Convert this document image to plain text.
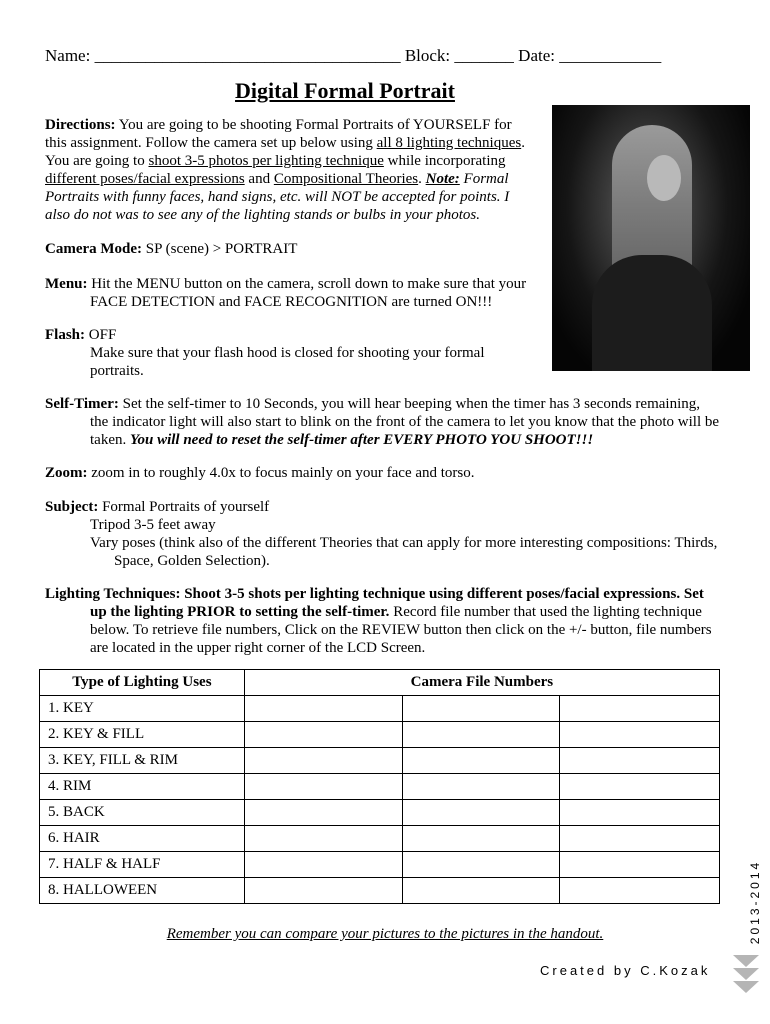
Name: ____________________________________ Block: _______ Date: ____________
Digital Formal Portrait
Directions: You are going to be shooting Formal Portraits of YOURSELF for
this assignment. Follow the camera set up below using all 8 lighting techniques.
You are going to shoot 3-5 photos per lighting technique while incorporating
different poses/facial expressions and Compositional Theories. Note: Formal
Portraits with funny faces, hand signs, etc. will NOT be accepted for points. I
also do not was to see any of the lighting stands or bulbs in your photos.
Camera Mode: SP (scene) > PORTRAIT
Menu: Hit the MENU button on the camera, scroll down to make sure that your
FACE DETECTION and FACE RECOGNITION are turned ON!!!
Flash: OFF
Make sure that your flash hood is closed for shooting your formal
portraits.
Self-Timer: Set the self-timer to 10 Seconds, you will hear beeping when the timer has 3 seconds remaining,
the indicator light will also start to blink on the front of the camera to let you know that the photo will be
taken. You will need to reset the self-timer after EVERY PHOTO YOU SHOOT!!!
Zoom: zoom in to roughly 4.0x to focus mainly on your face and torso.
Subject: Formal Portraits of yourself
Tripod 3-5 feet away
Vary poses (think also of the different Theories that can apply for more interesting compositions: Thirds,
Space, Golden Selection).
Lighting Techniques: Shoot 3-5 shots per lighting technique using different poses/facial expressions. Set
up the lighting PRIOR to setting the self-timer. Record file number that used the lighting technique
below. To retrieve file numbers, Click on the REVIEW button then click on the +/- button, file numbers
are located in the upper right corner of the LCD Screen.
Type of Lighting Uses	Camera File Numbers		
1. KEY			
2. KEY & FILL			
3. KEY, FILL & RIM			
4. RIM			
5. BACK			
6. HAIR			
7. HALF & HALF			
8. HALLOWEEN			
Remember you can compare your pictures to the pictures in the handout.	2013-2014
Created by C.Kozak
